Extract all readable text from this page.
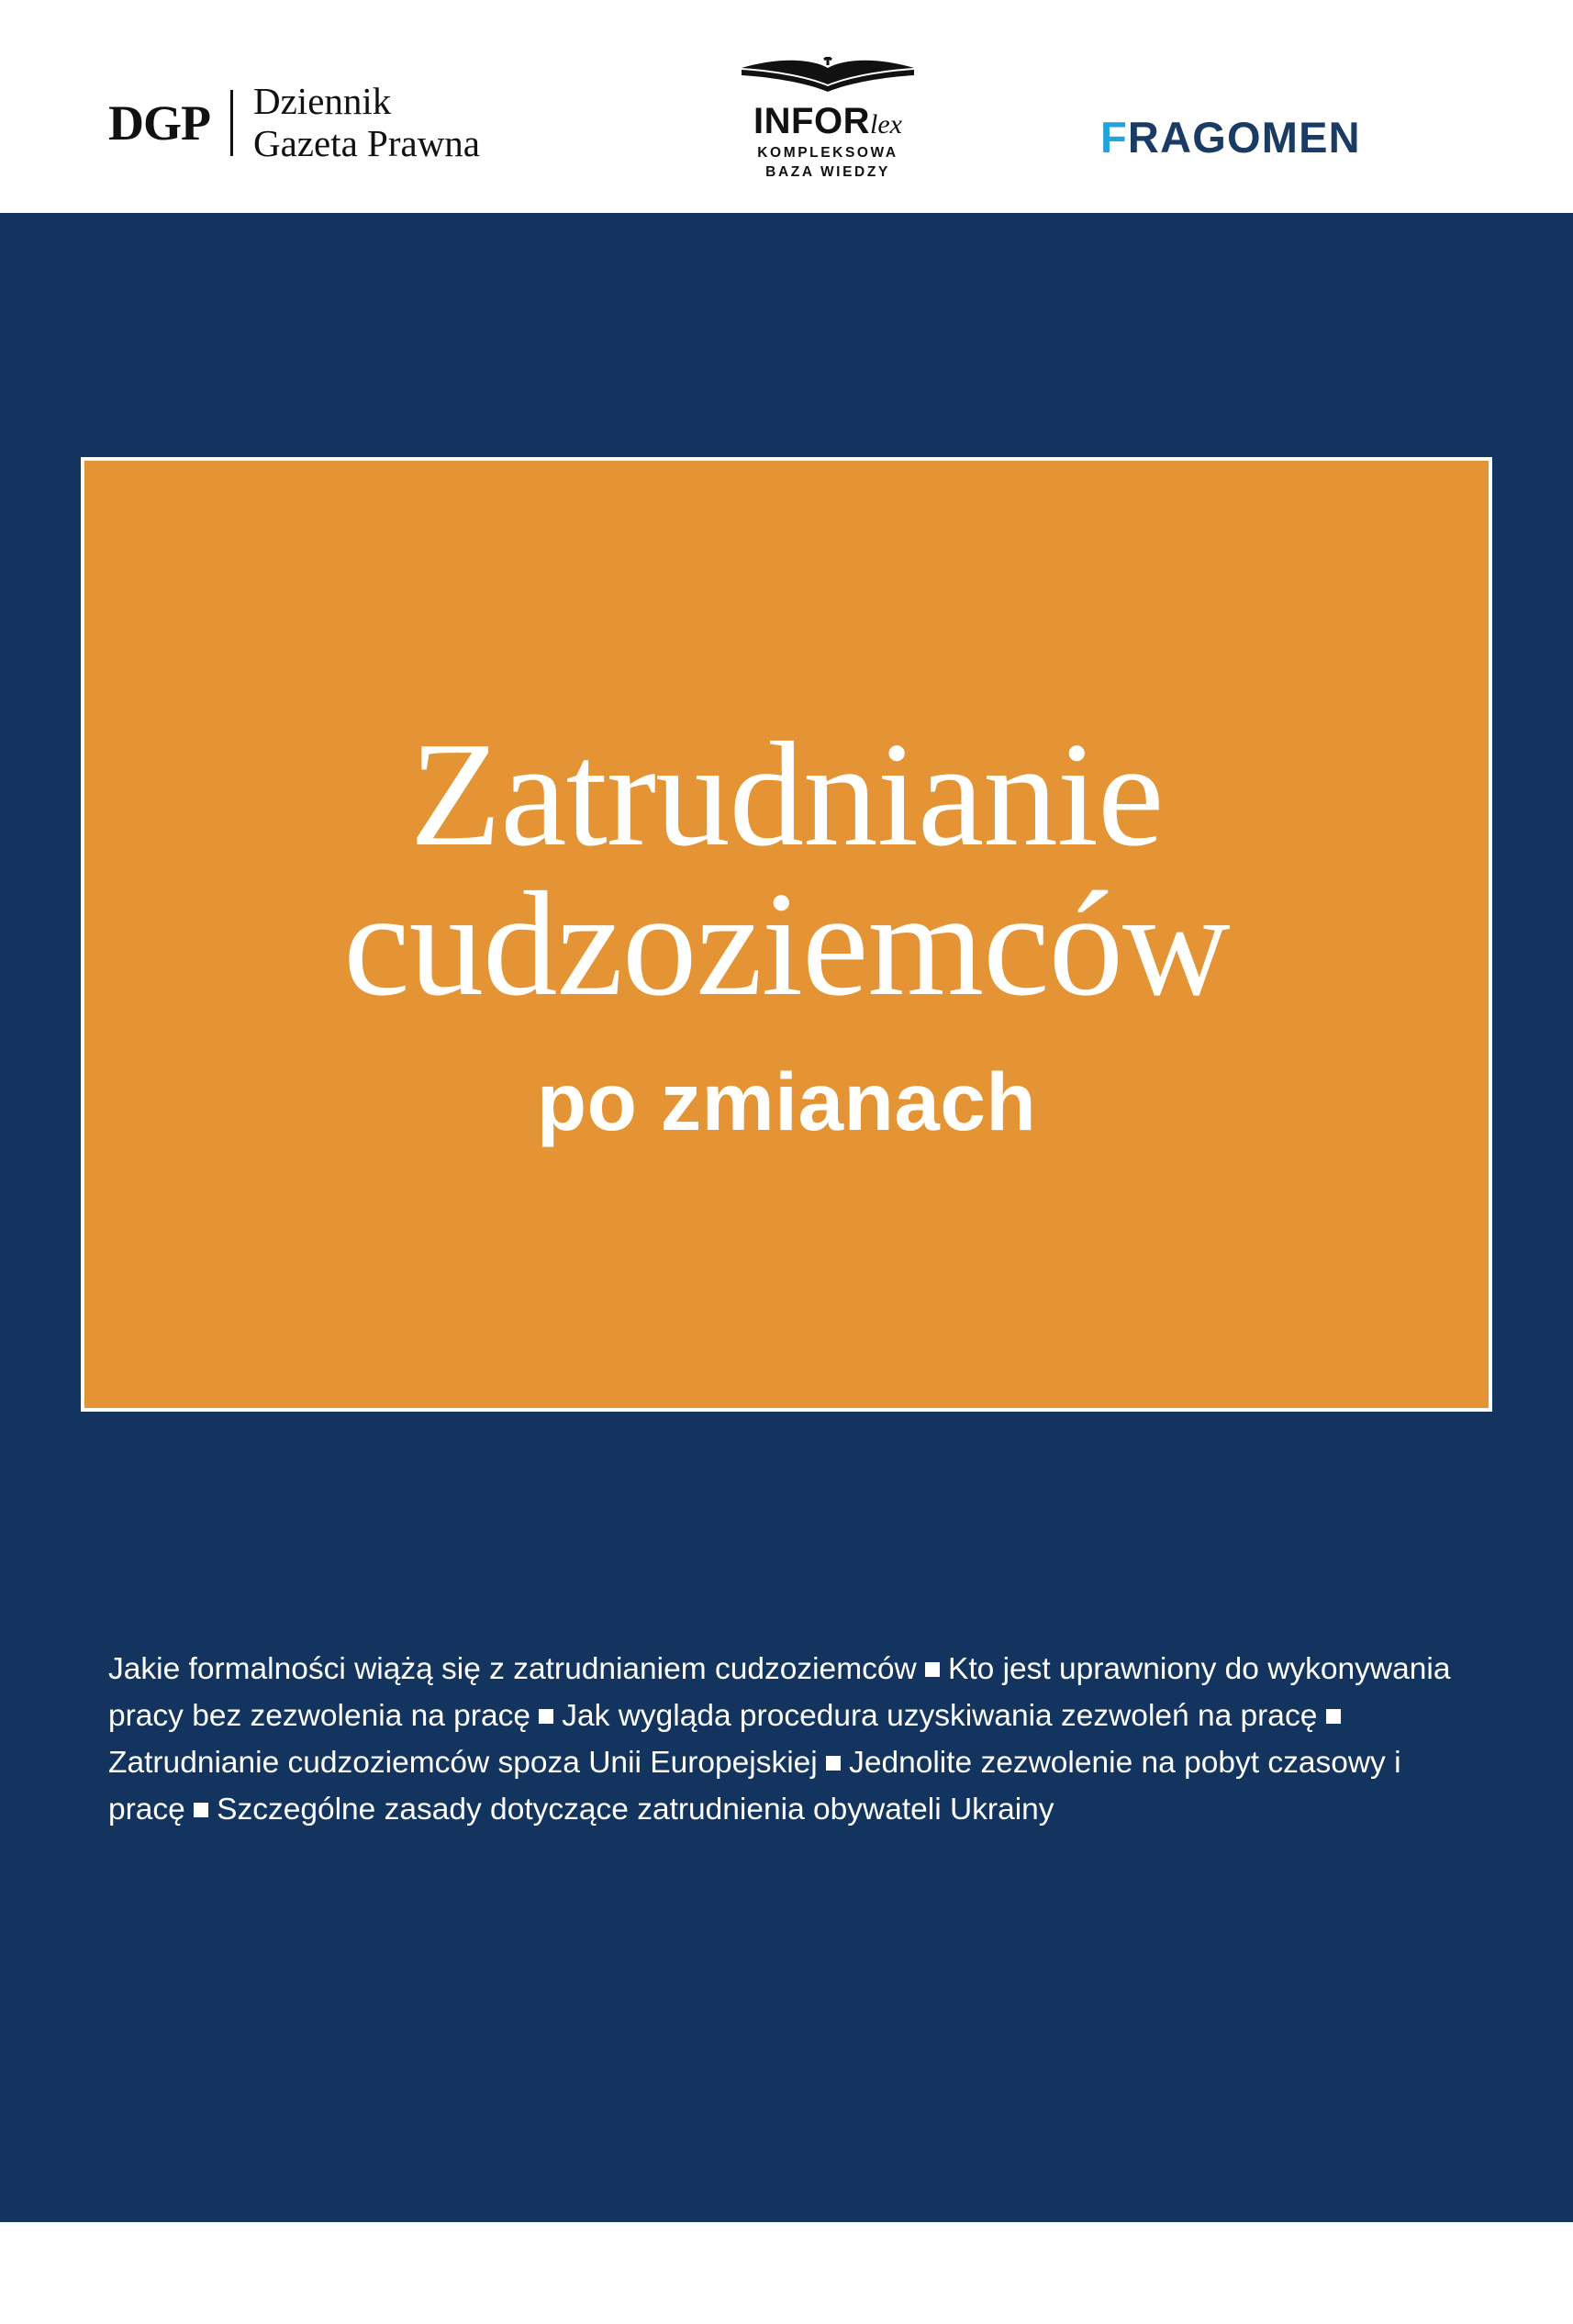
DGP	Dziennik
Gazeta Prawna
INFORlex
KOMPLEKSOWA
BAZA WIEDZY
F RAGOMEN
Zatrudnianie
cudzoziemców
po zmianach
Jakie formalności wiążą się z zatrudnianiem cudzoziemców Kto jest uprawniony do wykonywania pracy bez zezwolenia na pracę Jak wygląda procedura uzyskiwania zezwoleń na pracę Zatrudnianie cudzoziemców spoza Unii Europejskiej Jednolite zezwolenie na pobyt czasowy i pracę Szczególne zasady dotyczące zatrudnienia obywateli Ukrainy
KSIĄŻKA DLA PRENUMERATORÓW WERSJI PREMIUM
